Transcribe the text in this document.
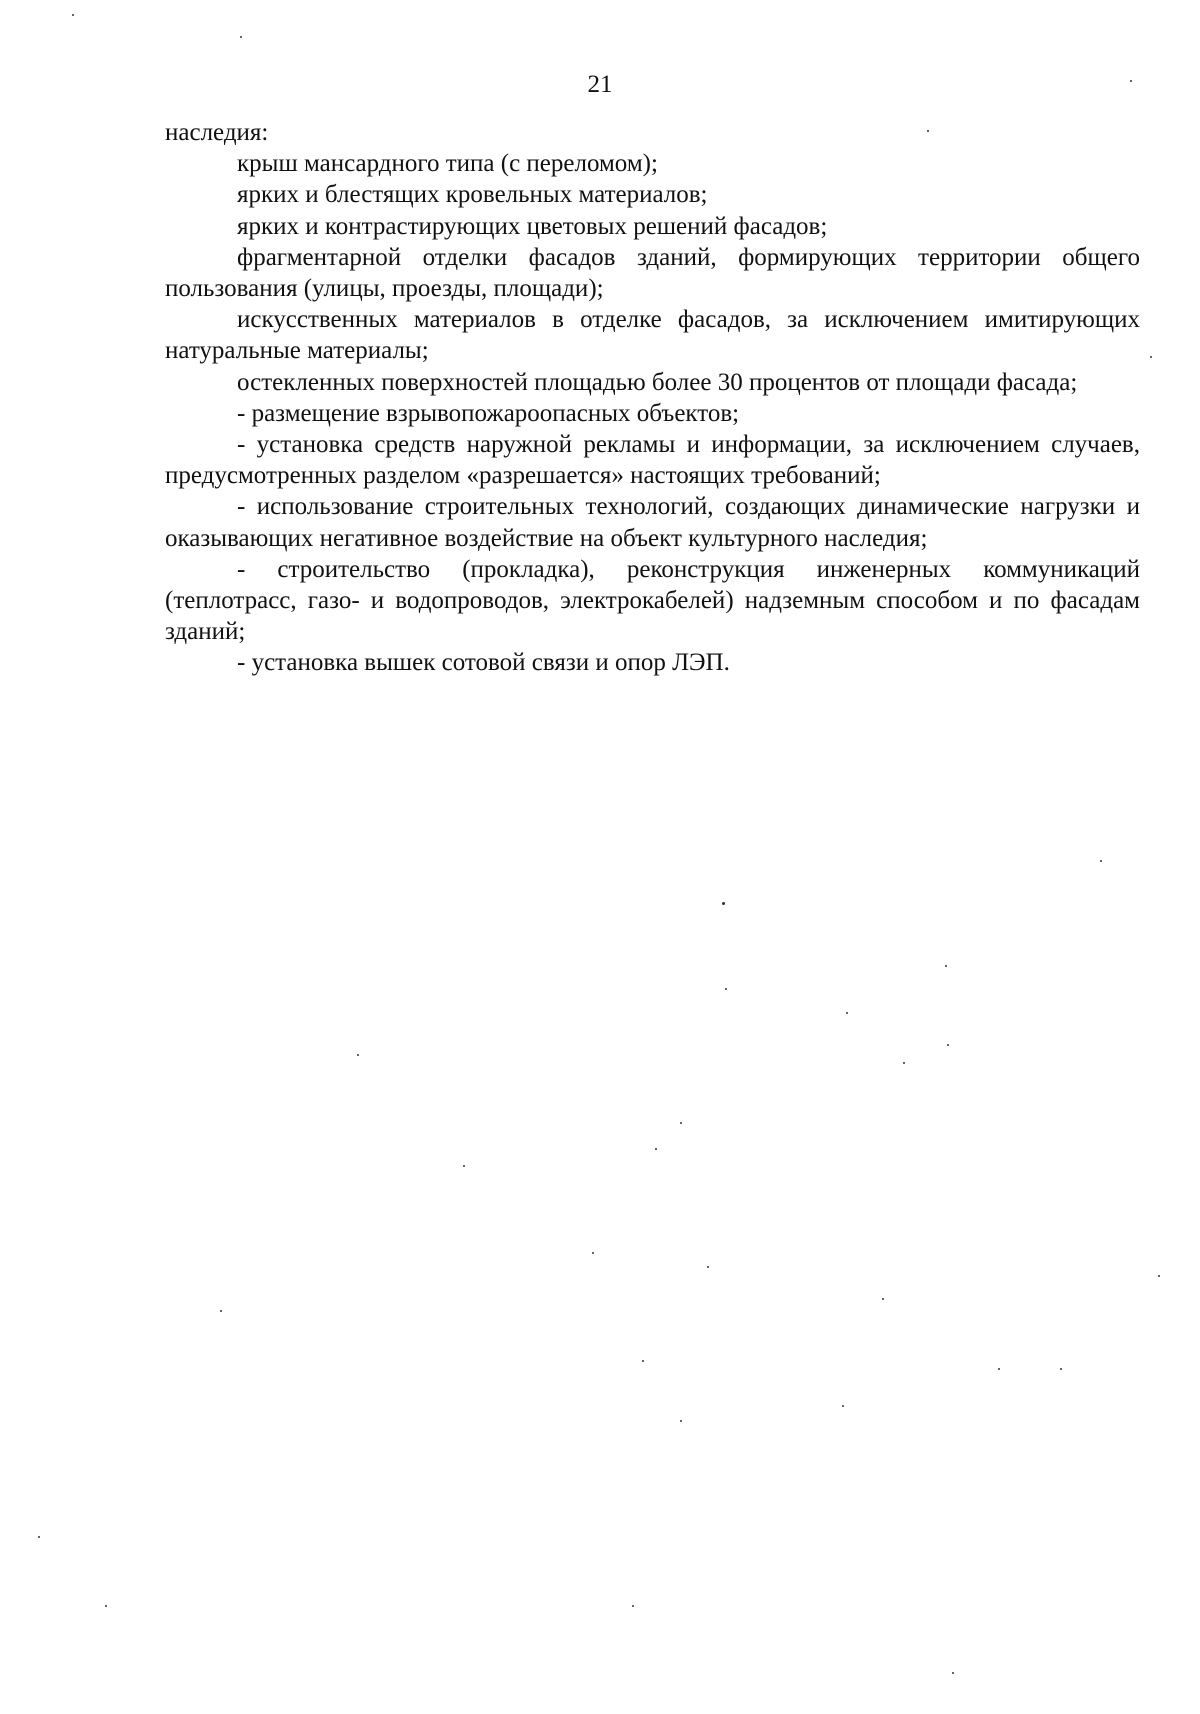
21

наследия:

крыш мансардного типа (с переломом);

ярких и блестящих кровельных материалов;

ярких и контрастирующих цветовых решений фасадов;

фрагментарной отделки фасадов зданий, формирующих территории общего пользования (улицы, проезды, площади);

искусственных материалов в отделке фасадов, за исключением имитирующих натуральные материалы;

остекленных поверхностей площадью более 30 процентов от площади фасада;

- размещение взрывопожароопасных объектов;

- установка средств наружной рекламы и информации, за исключением случаев, предусмотренных разделом «разрешается» настоящих требований;

- использование строительных технологий, создающих динамические нагрузки и оказывающих негативное воздействие на объект культурного наследия;

- строительство (прокладка), реконструкция инженерных коммуникаций (теплотрасс, газо- и водопроводов, электрокабелей) надземным способом и по фасадам зданий;

- установка вышек сотовой связи и опор ЛЭП.
